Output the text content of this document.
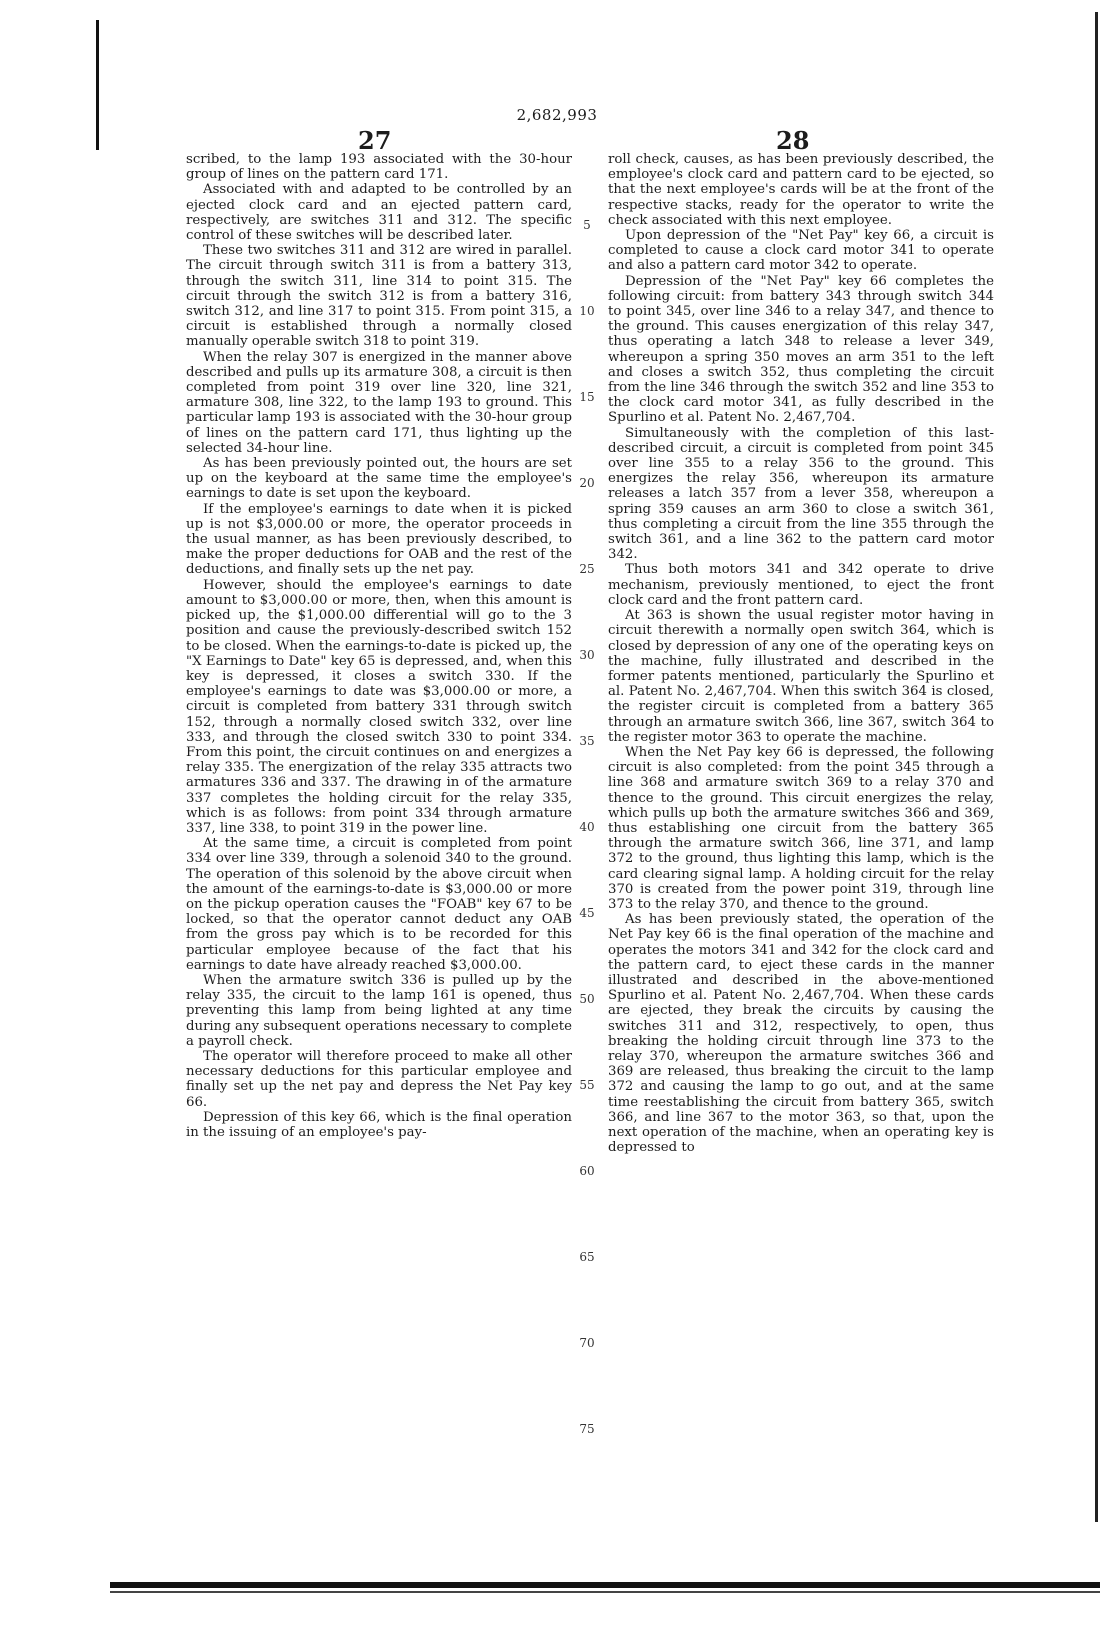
2,682,993
27	28

scribed, to the lamp 193 associated with the 30-hour group of lines on the pattern card 171.

Associated with and adapted to be controlled by an ejected clock card and an ejected pattern card, respectively, are switches 311 and 312. The specific control of these switches will be described later.

These two switches 311 and 312 are wired in parallel. The circuit through switch 311 is from a battery 313, through the switch 311, line 314 to point 315. The circuit through the switch 312 is from a battery 316, switch 312, and line 317 to point 315. From point 315, a circuit is established through a normally closed manually operable switch 318 to point 319.

When the relay 307 is energized in the manner above described and pulls up its armature 308, a circuit is then completed from point 319 over line 320, line 321, armature 308, line 322, to the lamp 193 to ground. This particular lamp 193 is associated with the 30-hour group of lines on the pattern card 171, thus lighting up the selected 34-hour line.

As has been previously pointed out, the hours are set up on the keyboard at the same time the employee's earnings to date is set upon the keyboard.

If the employee's earnings to date when it is picked up is not $3,000.00 or more, the operator proceeds in the usual manner, as has been previously described, to make the proper deductions for OAB and the rest of the deductions, and finally sets up the net pay.

However, should the employee's earnings to date amount to $3,000.00 or more, then, when this amount is picked up, the $1,000.00 differential will go to the 3 position and cause the previously-described switch 152 to be closed. When the earnings-to-date is picked up, the "X Earnings to Date" key 65 is depressed, and, when this key is depressed, it closes a switch 330. If the employee's earnings to date was $3,000.00 or more, a circuit is completed from battery 331 through switch 152, through a normally closed switch 332, over line 333, and through the closed switch 330 to point 334. From this point, the circuit continues on and energizes a relay 335. The energization of the relay 335 attracts two armatures 336 and 337. The drawing in of the armature 337 completes the holding circuit for the relay 335, which is as follows: from point 334 through armature 337, line 338, to point 319 in the power line.

At the same time, a circuit is completed from point 334 over line 339, through a solenoid 340 to the ground. The operation of this solenoid by the above circuit when the amount of the earnings-to-date is $3,000.00 or more on the pickup operation causes the "FOAB" key 67 to be locked, so that the operator cannot deduct any OAB from the gross pay which is to be recorded for this particular employee because of the fact that his earnings to date have already reached $3,000.00.

When the armature switch 336 is pulled up by the relay 335, the circuit to the lamp 161 is opened, thus preventing this lamp from being lighted at any time during any subsequent operations necessary to complete a payroll check.

The operator will therefore proceed to make all other necessary deductions for this particular employee and finally set up the net pay and depress the Net Pay key 66.

Depression of this key 66, which is the final operation in the issuing of an employee's pay-

roll check, causes, as has been previously described, the employee's clock card and pattern card to be ejected, so that the next employee's cards will be at the front of the respective stacks, ready for the operator to write the check associated with this next employee.

Upon depression of the "Net Pay" key 66, a circuit is completed to cause a clock card motor 341 to operate and also a pattern card motor 342 to operate.

Depression of the "Net Pay" key 66 completes the following circuit: from battery 343 through switch 344 to point 345, over line 346 to a relay 347, and thence to the ground. This causes energization of this relay 347, thus operating a latch 348 to release a lever 349, whereupon a spring 350 moves an arm 351 to the left and closes a switch 352, thus completing the circuit from the line 346 through the switch 352 and line 353 to the clock card motor 341, as fully described in the Spurlino et al. Patent No. 2,467,704.

Simultaneously with the completion of this last-described circuit, a circuit is completed from point 345 over line 355 to a relay 356 to the ground. This energizes the relay 356, whereupon its armature releases a latch 357 from a lever 358, whereupon a spring 359 causes an arm 360 to close a switch 361, thus completing a circuit from the line 355 through the switch 361, and a line 362 to the pattern card motor 342.

Thus both motors 341 and 342 operate to drive mechanism, previously mentioned, to eject the front clock card and the front pattern card.

At 363 is shown the usual register motor having in circuit therewith a normally open switch 364, which is closed by depression of any one of the operating keys on the machine, fully illustrated and described in the former patents mentioned, particularly the Spurlino et al. Patent No. 2,467,704. When this switch 364 is closed, the register circuit is completed from a battery 365 through an armature switch 366, line 367, switch 364 to the register motor 363 to operate the machine.

When the Net Pay key 66 is depressed, the following circuit is also completed: from the point 345 through a line 368 and armature switch 369 to a relay 370 and thence to the ground. This circuit energizes the relay, which pulls up both the armature switches 366 and 369, thus establishing one circuit from the battery 365 through the armature switch 366, line 371, and lamp 372 to the ground, thus lighting this lamp, which is the card clearing signal lamp. A holding circuit for the relay 370 is created from the power point 319, through line 373 to the relay 370, and thence to the ground.

As has been previously stated, the operation of the Net Pay key 66 is the final operation of the machine and operates the motors 341 and 342 for the clock card and the pattern card, to eject these cards in the manner illustrated and described in the above-mentioned Spurlino et al. Patent No. 2,467,704. When these cards are ejected, they break the circuits by causing the switches 311 and 312, respectively, to open, thus breaking the holding circuit through line 373 to the relay 370, whereupon the armature switches 366 and 369 are released, thus breaking the circuit to the lamp 372 and causing the lamp to go out, and at the same time reestablishing the circuit from battery 365, switch 366, and line 367 to the motor 363, so that, upon the next operation of the machine, when an operating key is depressed to

5
10
15
20
25
30
35
40
45
50
55
60
65
70
75
